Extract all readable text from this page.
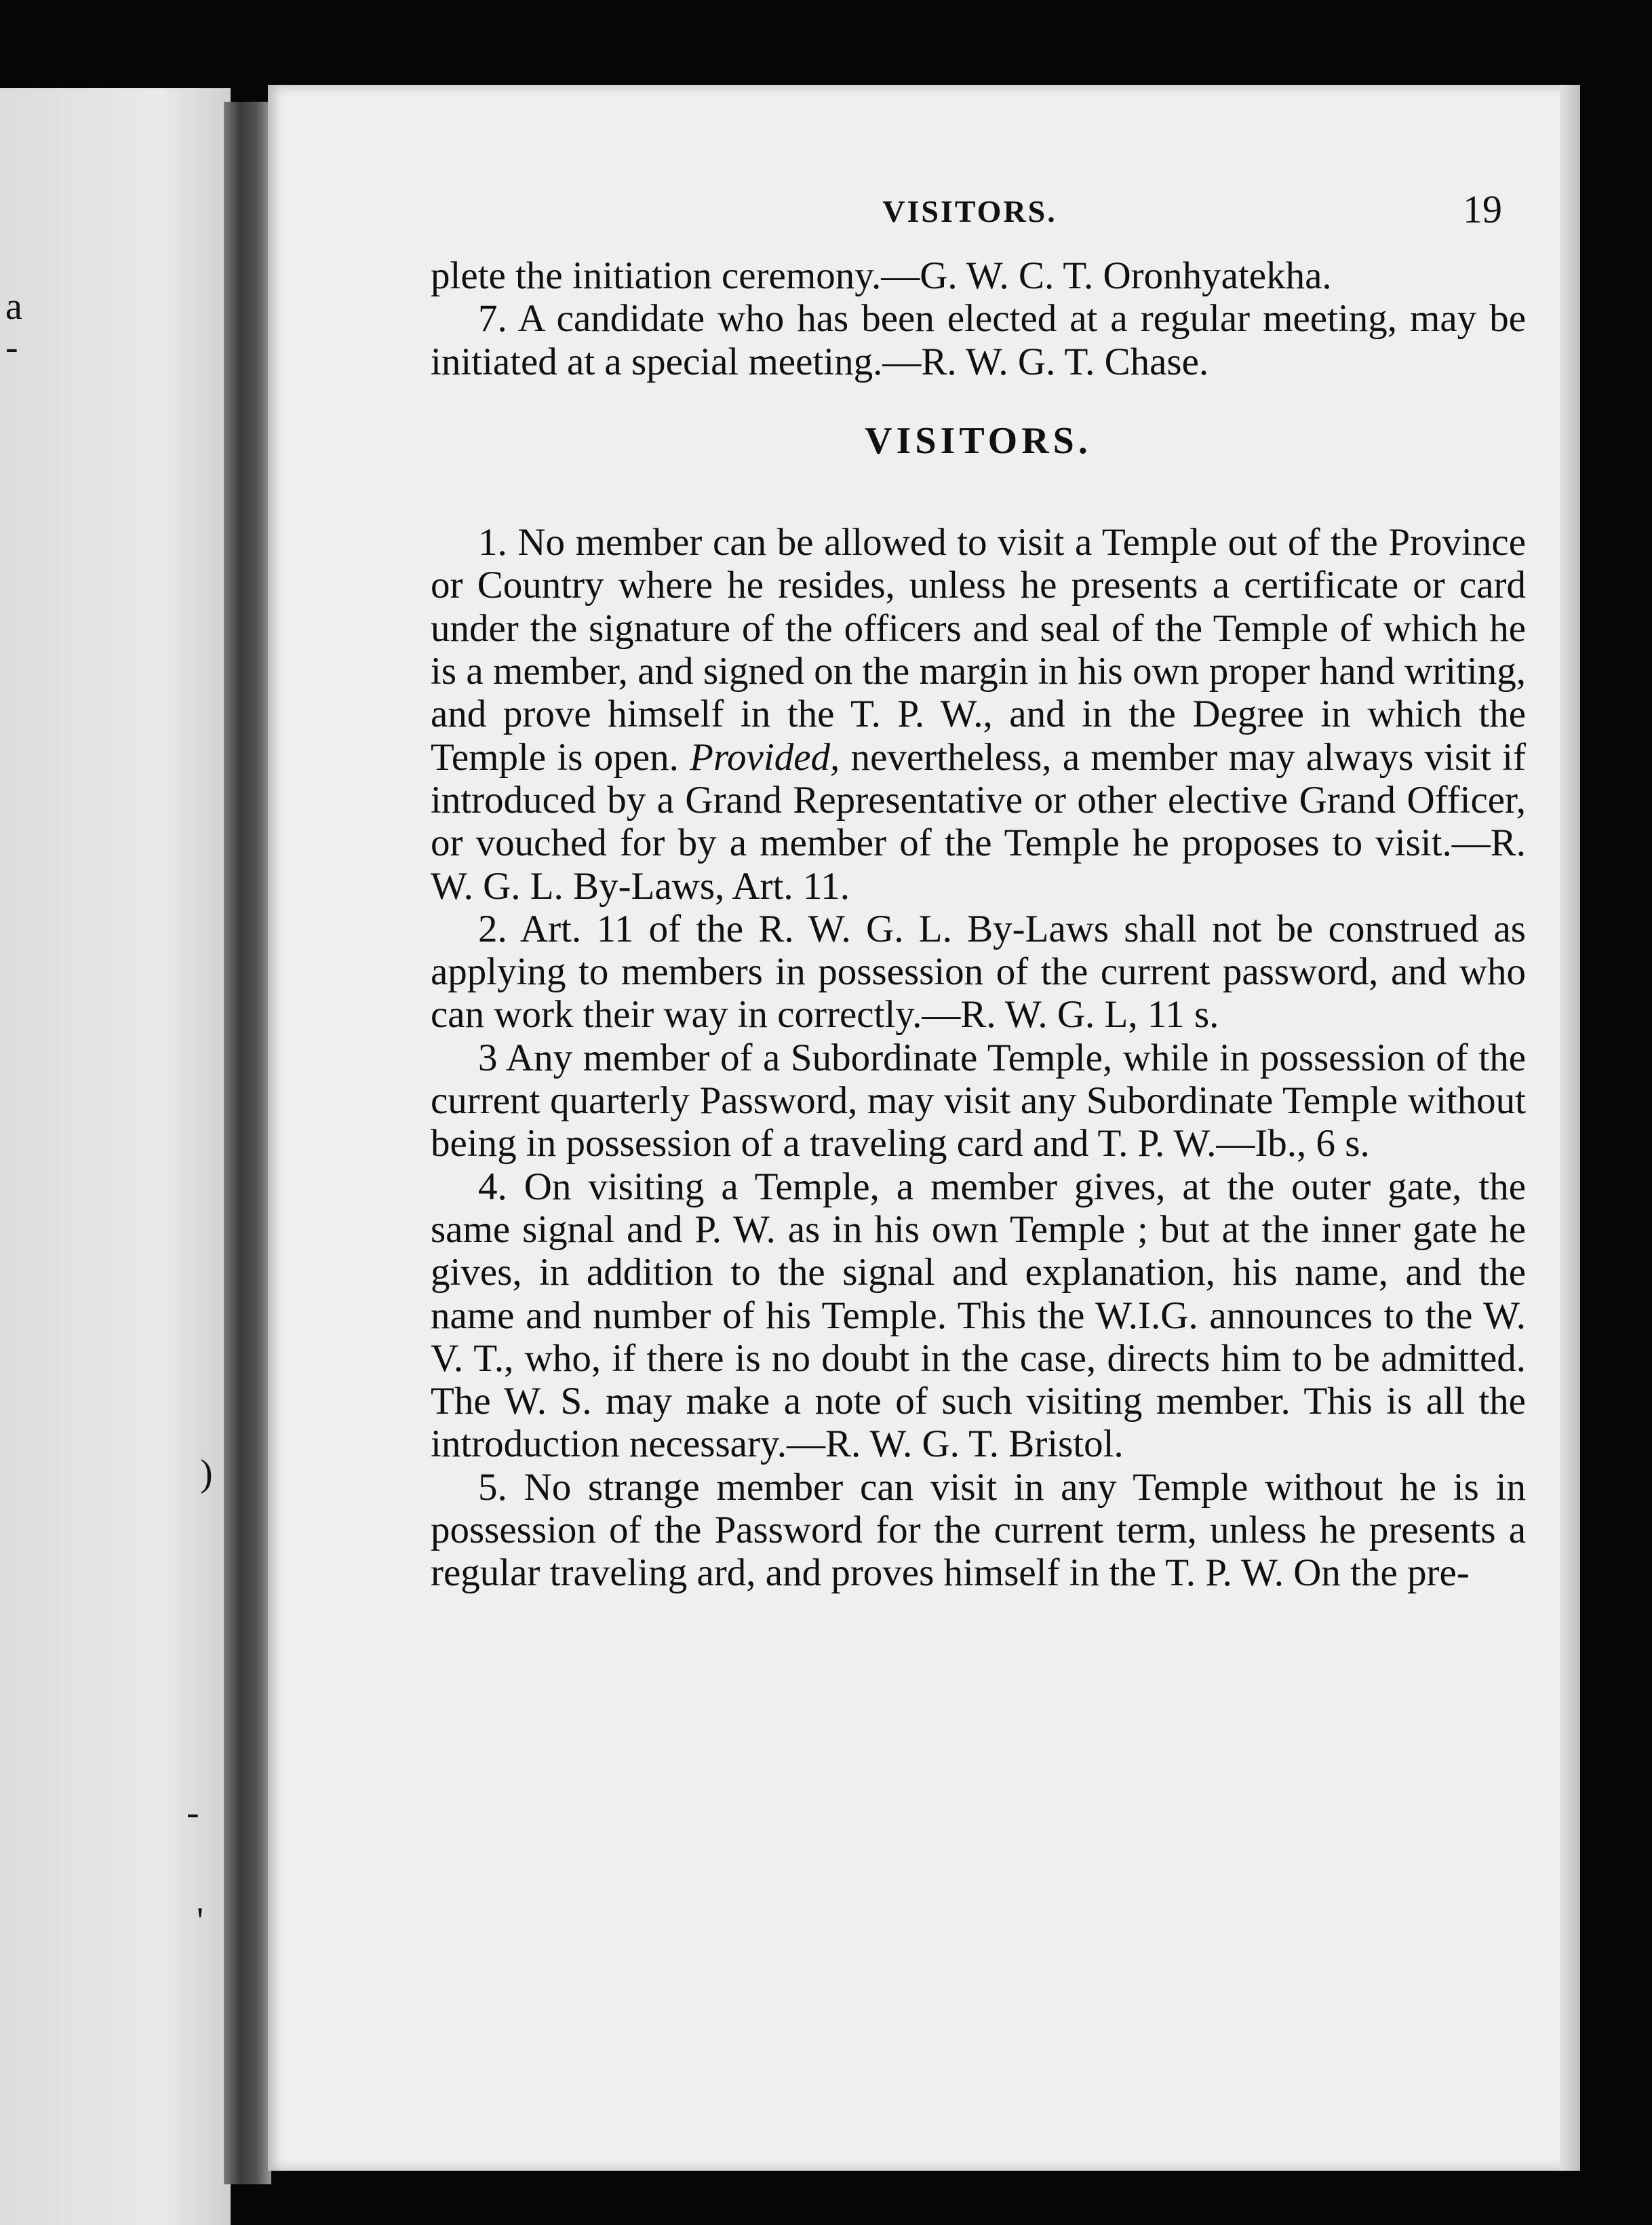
a
-
)
-
'
VISITORS.	19

plete the initiation ceremony.—G. W. C. T. Oronhyatekha.

7. A candidate who has been elected at a regular meeting, may be initiated at a special meeting.—R. W. G. T. Chase.

VISITORS.

1. No member can be allowed to visit a Temple out of the Province or Country where he resides, unless he presents a certificate or card under the signature of the officers and seal of the Temple of which he is a member, and signed on the margin in his own proper hand writing, and prove himself in the T. P. W., and in the Degree in which the Temple is open. Provided, nevertheless, a member may always visit if introduced by a Grand Representative or other elective Grand Officer, or vouched for by a member of the Temple he proposes to visit.—R. W. G. L. By-Laws, Art. 11.

2. Art. 11 of the R. W. G. L. By-Laws shall not be construed as applying to members in possession of the current password, and who can work their way in correctly.—R. W. G. L, 11 s.

3 Any member of a Subordinate Temple, while in possession of the current quarterly Password, may visit any Subordinate Temple without being in possession of a traveling card and T. P. W.—Ib., 6 s.

4. On visiting a Temple, a member gives, at the outer gate, the same signal and P. W. as in his own Temple ; but at the inner gate he gives, in addition to the signal and explanation, his name, and the name and number of his Temple. This the W.I.G. announces to the W. V. T., who, if there is no doubt in the case, directs him to be admitted. The W. S. may make a note of such visiting member. This is all the introduction necessary.—R. W. G. T. Bristol.

5. No strange member can visit in any Temple without he is in possession of the Password for the current term, unless he presents a regular traveling ard, and proves himself in the T. P. W. On the pre-
